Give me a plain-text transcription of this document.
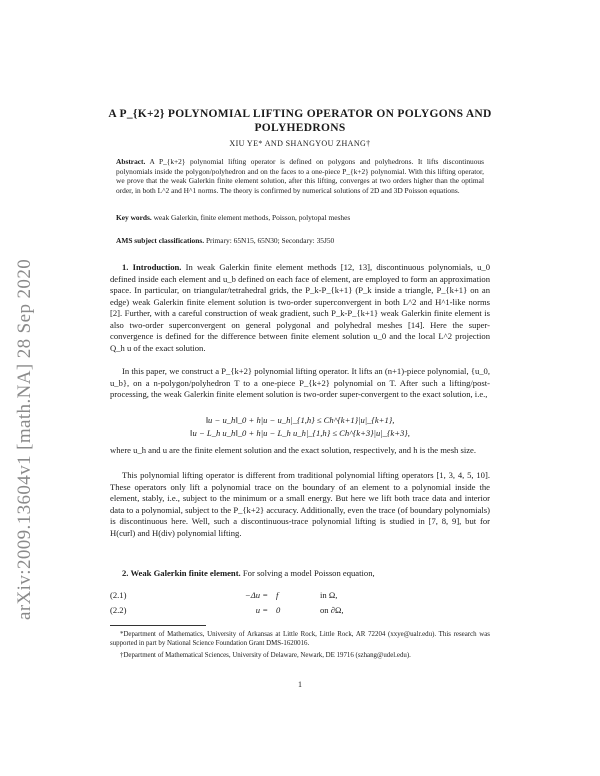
arXiv:2009.13604v1 [math.NA] 28 Sep 2020
A P_{K+2} POLYNOMIAL LIFTING OPERATOR ON POLYGONS AND POLYHEDRONS
XIU YE* AND SHANGYOU ZHANG†
Abstract. A P_{k+2} polynomial lifting operator is defined on polygons and polyhedrons. It lifts discontinuous polynomials inside the polygon/polyhedron and on the faces to a one-piece P_{k+2} polynomial. With this lifting operator, we prove that the weak Galerkin finite element solution, after this lifting, converges at two orders higher than the optimal order, in both L^2 and H^1 norms. The theory is confirmed by numerical solutions of 2D and 3D Poisson equations.
Key words. weak Galerkin, finite element methods, Poisson, polytopal meshes
AMS subject classifications. Primary: 65N15, 65N30; Secondary: 35J50

1. Introduction. In weak Galerkin finite element methods [12, 13], discontinuous polynomials, u_0 defined inside each element and u_b defined on each face of element, are employed to form an approximation space. In particular, on triangular/tetrahedral grids, the P_k-P_{k+1} (P_k inside a triangle, P_{k+1} on an edge) weak Galerkin finite element solution is two-order superconvergent in both L^2 and H^1-like norms [2]. Further, with a careful construction of weak gradient, such P_k-P_{k+1} weak Galerkin finite element is also two-order superconvergent on general polygonal and polyhedral meshes [14]. Here the super-convergence is defined for the difference between finite element solution u_0 and the local L^2 projection Q_h u of the exact solution.

In this paper, we construct a P_{k+2} polynomial lifting operator. It lifts an (n+1)-piece polynomial, {u_0, u_b}, on a n-polygon/polyhedron T to a one-piece P_{k+2} polynomial on T. After such a lifting/post-processing, the weak Galerkin finite element solution is two-order super-convergent to the exact solution, i.e.,

‖u − u_h‖_0 + h|u − u_h|_{1,h} ≤ Ch^{k+1}|u|_{k+1},
‖u − L_h u_h‖_0 + h|u − L_h u_h|_{1,h} ≤ Ch^{k+3}|u|_{k+3},

where u_h and u are the finite element solution and the exact solution, respectively, and h is the mesh size.

This polynomial lifting operator is different from traditional polynomial lifting operators [1, 3, 4, 5, 10]. These operators only lift a polynomial trace on the boundary of an element to a polynomial inside the element, stably, i.e., subject to the minimum or a small energy. But here we lift both trace data and interior data to a polynomial, subject to the P_{k+2} accuracy. Additionally, even the trace (of boundary polynomials) is discontinuous here. Well, such a discontinuous-trace polynomial lifting is studied in [7, 8, 9], but for H(curl) and H(div) polynomial lifting.

2. Weak Galerkin finite element. For solving a model Poisson equation,

(2.1)	−Δu = f	in Ω,
(2.2)	u = 0	on ∂Ω,

*Department of Mathematics, University of Arkansas at Little Rock, Little Rock, AR 72204 (xxye@ualr.edu). This research was supported in part by National Science Foundation Grant DMS-1620016.

†Department of Mathematical Sciences, University of Delaware, Newark, DE 19716 (szhang@udel.edu).

1
